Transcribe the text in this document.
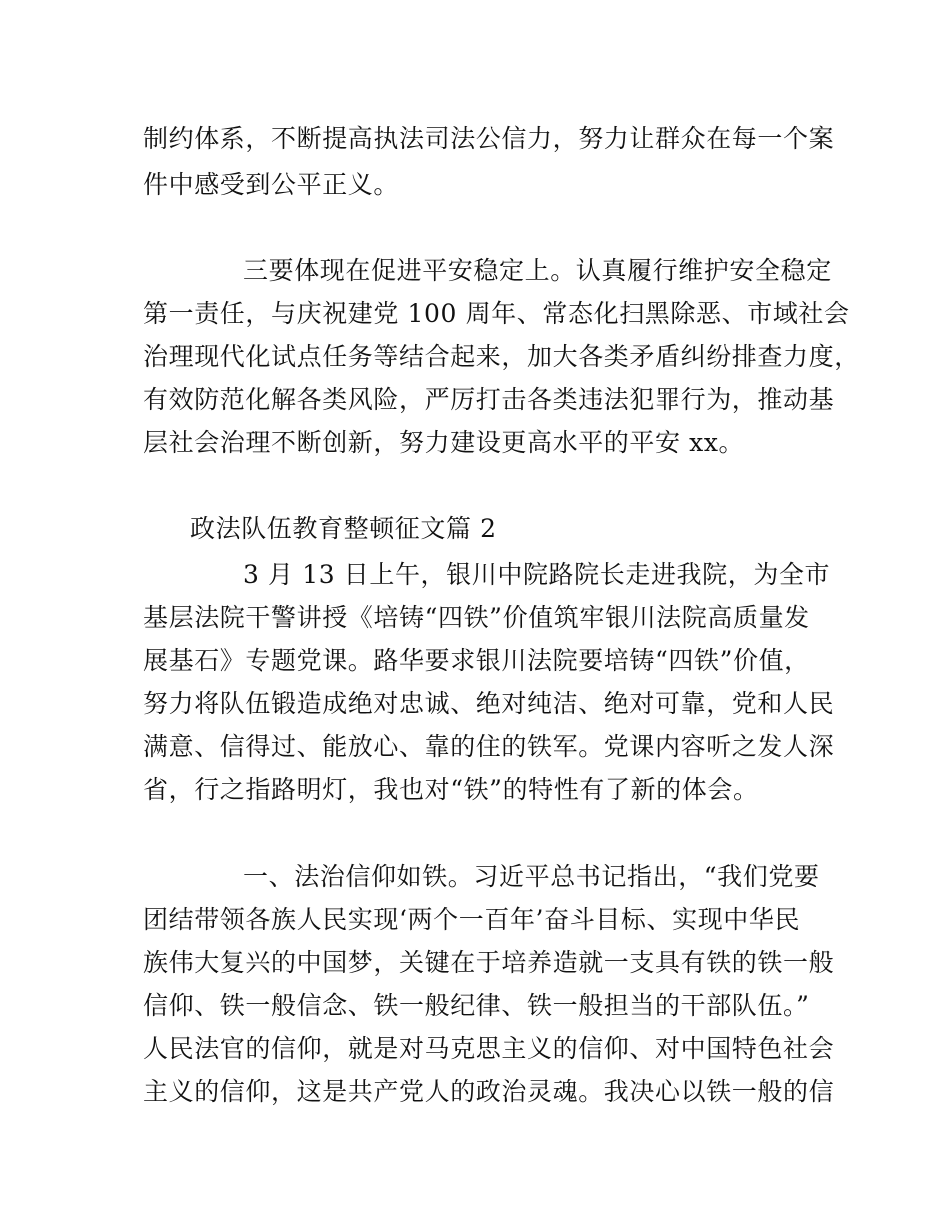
制约体系，不断提高执法司法公信力，努力让群众在每一个案
件中感受到公平正义。
三要体现在促进平安稳定上。认真履行维护安全稳定
第一责任，与庆祝建党 100 周年、常态化扫黑除恶、市域社会
治理现代化试点任务等结合起来，加大各类矛盾纠纷排查力度，
有效防范化解各类风险，严厉打击各类违法犯罪行为，推动基
层社会治理不断创新，努力建设更高水平的平安 xx。
政法队伍教育整顿征文篇 2
3 月 13 日上午，银川中院路院长走进我院，为全市
基层法院干警讲授《培铸“四铁”价值筑牢银川法院高质量发
展基石》专题党课。路华要求银川法院要培铸“四铁”价值，
努力将队伍锻造成绝对忠诚、绝对纯洁、绝对可靠，党和人民
满意、信得过、能放心、靠的住的铁军。党课内容听之发人深
省，行之指路明灯，我也对“铁”的特性有了新的体会。
一、法治信仰如铁。习近平总书记指出，“我们党要
团结带领各族人民实现‘两个一百年’奋斗目标、实现中华民
族伟大复兴的中国梦，关键在于培养造就一支具有铁的铁一般
信仰、铁一般信念、铁一般纪律、铁一般担当的干部队伍。”
人民法官的信仰，就是对马克思主义的信仰、对中国特色社会
主义的信仰，这是共产党人的政治灵魂。我决心以铁一般的信
